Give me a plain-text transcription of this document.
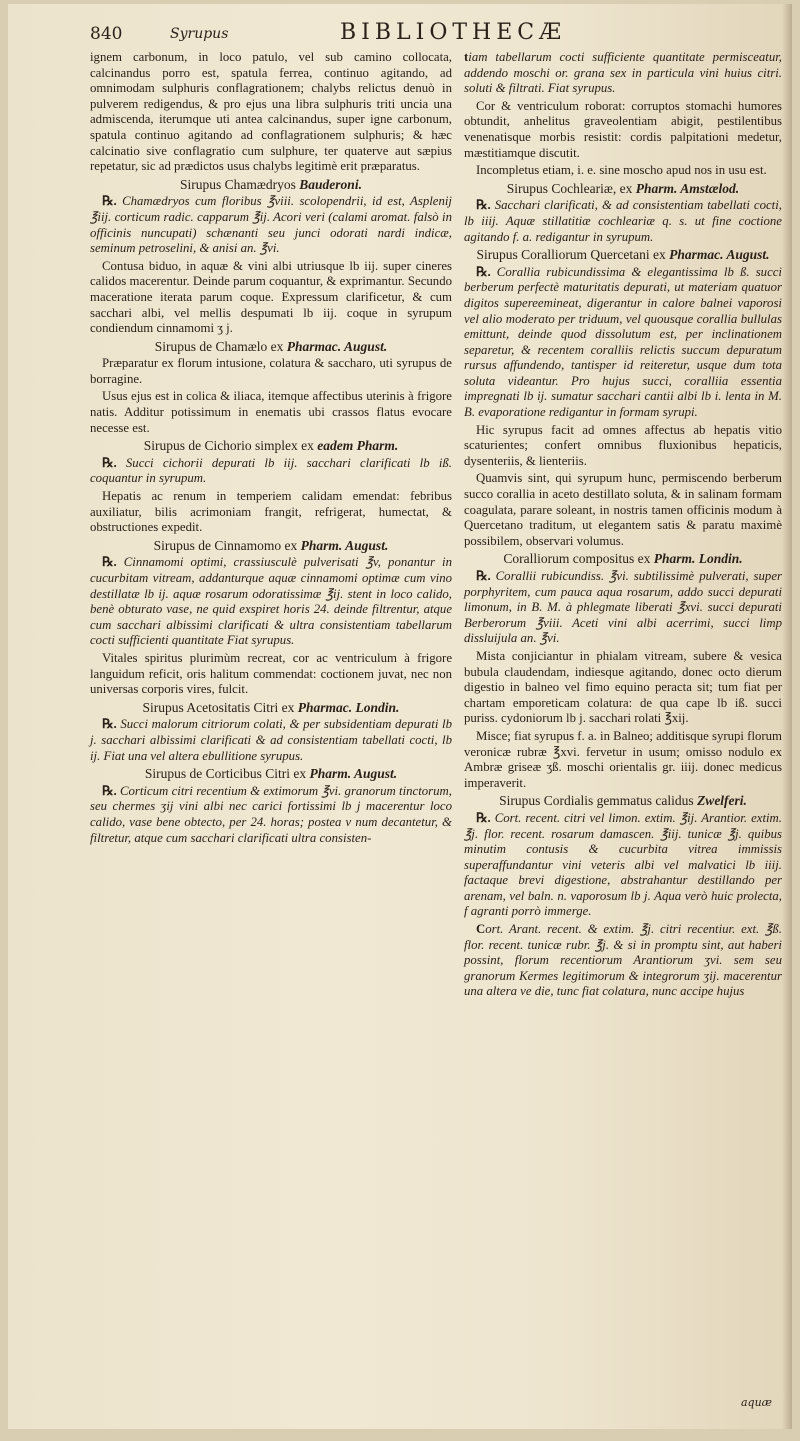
840	Syrupus	BIBLIOTHECÆ

ignem carbonum, in loco patulo, vel sub camino collocata, calcinandus porro est, spatula ferrea, continuo agitando, ad omnimodam sulphuris conflagrationem; chalybs relictus denuò in pulverem redigendus, & pro ejus una libra sulphuris triti uncia una admiscenda, iterumque uti antea calcinandus, super igne carbonum, spatula continuo agitando ad conflagrationem sulphuris; & hæc calcinatio sive conflagratio cum sulphure, ter quaterve aut sæpius repetatur, sic ad prædictos usus chalybs legitimè erit præparatus.

Sirupus Chamædryos Bauderoni.

℞. Chamædryos cum floribus ℥viii. scolopendrii, id est, Asplenij ℥iij. corticum radic. capparum ℥ij. Acori veri (calami aromat. falsò in officinis nuncupati) schænanti seu junci odorati nardi indicæ, seminum petroselini, & anisi an. ℥vi.

Contusa biduo, in aquæ & vini albi utriusque lb iij. super cineres calidos macerentur. Deinde parum coquantur, & exprimantur. Secundo maceratione iterata parum coque. Expressum clarificetur, & cum sacchari albi, vel mellis despumati lb iij. coque in syrupum condiendum cinnamomi ʒ j.

Sirupus de Chamælo ex Pharmac. August.

Præparatur ex florum intusione, colatura & saccharo, uti syrupus de borragine.

Usus ejus est in colica & iliaca, itemque affectibus uterinis à frigore natis. Additur potissimum in enematis ubi crassos flatus evocare necesse est.

Sirupus de Cichorio simplex ex eadem Pharm.

℞. Succi cichorii depurati lb iij. sacchari clarificati lb iß. coquantur in syrupum.

Hepatis ac renum in temperiem calidam emendat: febribus auxiliatur, bilis acrimoniam frangit, refrigerat, humectat, & obstructiones expedit.

Sirupus de Cinnamomo ex Pharm. August.

℞. Cinnamomi optimi, crassiusculè pulverisati ℥v, ponantur in cucurbitam vitream, addanturque aquæ cinnamomi optimæ cum vino destillatæ lb ij. aquæ rosarum odoratissimæ ℥ij. stent in loco calido, benè obturato vase, ne quid exspiret horis 24. deinde filtrentur, atque cum sacchari albissimi clarificati & ultra consistentiam tabellarum cocti sufficienti quantitate Fiat syrupus.

Vitales spiritus plurimùm recreat, cor ac ventriculum à frigore languidum reficit, oris halitum commendat: coctionem juvat, nec non universas corporis vires, fulcit.

Sirupus Acetositatis Citri ex Pharmac. Londin.

℞. Succi malorum citriorum colati, & per subsidentiam depurati lb j. sacchari albissimi clarificati & ad consistentiam tabellati cocti, lb ij. Fiat una vel altera ebullitione syrupus.

Sirupus de Corticibus Citri ex Pharm. August.

℞. Corticum citri recentium & extimorum ℥vi. granorum tinctorum, seu chermes ʒij vini albi nec carici fortissimi lb j macerentur loco calido, vase bene obtecto, per 24. horas; postea v num decantetur, & filtretur, atque cum sacchari clarificati ultra consisten-

tiam tabellarum cocti sufficiente quantitate permisceatur, addendo moschi or. grana sex in particula vini huius citri. soluti & filtrati. Fiat syrupus.

Cor & ventriculum roborat: corruptos stomachi humores obtundit, anhelitus graveolentiam abigit, pestilentibus venenatisque morbis resistit: cordis palpitationi medetur, mæstitiamque discutit.

Incompletus etiam, i. e. sine moscho apud nos in usu est.

Sirupus Cochleariæ, ex Pharm. Amstælod.

℞. Sacchari clarificati, & ad consistentiam tabellati cocti, lb iiij. Aquæ stillatitiæ cochleariæ q. s. ut fine coctione agitando f. a. redigantur in syrupum.

Sirupus Coralliorum Quercetani ex Pharmac. August.

℞. Corallia rubicundissima & elegantissima lb ß. succi berberum perfectè maturitatis depurati, ut materiam quatuor digitos supereemineat, digerantur in calore balnei vaporosi vel alio moderato per triduum, vel quousque corallia bullulas emittunt, deinde quod dissolutum est, per inclinationem separetur, & recentem coralliis relictis succum depuratum rursus affundendo, tantisper id reiteretur, usque dum tota soluta videantur. Pro hujus succi, coralliia essentia impregnati lb ij. sumatur sacchari cantii albi lb i. lenta in M. B. evaporatione redigantur in formam syrupi.

Hic syrupus facit ad omnes affectus ab hepatis vitio scaturientes; confert omnibus fluxionibus hepaticis, dysenteriis, & lienteriis.

Quamvis sint, qui syrupum hunc, permiscendo berberum succo corallia in aceto destillato soluta, & in salinam formam coagulata, parare soleant, in nostris tamen officinis modum à Quercetano traditum, ut elegantem satis & paratu maximè possibilem, observari volumus.

Coralliorum compositus ex Pharm. Londin.

℞. Corallii rubicundiss. ℥vi. subtilissimè pulverati, super porphyritem, cum pauca aqua rosarum, addo succi depurati limonum, in B. M. à phlegmate liberati ℥xvi. succi depurati Berberorum ℥viii. Aceti vini albi acerrimi, succi limp dissluijula an. ℥vi.

Mista conjiciantur in phialam vitream, subere & vesica bubula claudendam, indiesque agitando, donec octo dierum digestio in balneo vel fimo equino peracta sit; tum fiat per chartam emporeticam colatura: de qua cape lb iß. succi puriss. cydoniorum lb j. sacchari rolati ℥xij.

Misce; fiat syrupus f. a. in Balneo; additisque syrupi florum veronicæ rubræ ℥xvi. fervetur in usum; omisso nodulo ex Ambræ griseæ ʒß. moschi orientalis gr. iiij. donec medicus imperaverit.

Sirupus Cordialis gemmatus calidus Zwelferi.

℞. Cort. recent. citri vel limon. extim. ℥ij. Arantior. extim. ℥j. flor. recent. rosarum damascen. ℥iij. tunicæ ℥j. quibus minutim contusis & cucurbita vitrea immissis superaffundantur vini veteris albi vel malvatici lb iiij. factaque brevi digestione, abstrahantur destillando per arenam, vel baln. n. vaporosum lb j. Aqua verò huic prolecta, f agranti porrò immerge.

Cort. Arant. recent. & extim. ℥j. citri recentiur. ext. ℥ß. flor. recent. tunicæ rubr. ℥j. & si in promptu sint, aut haberi possint, florum recentiorum Arantiorum ʒvi. sem seu granorum Kermes legitimorum & integrorum ʒij. macerentur una altera ve die, tunc fiat colatura, nunc accipe hujus

aquæ
